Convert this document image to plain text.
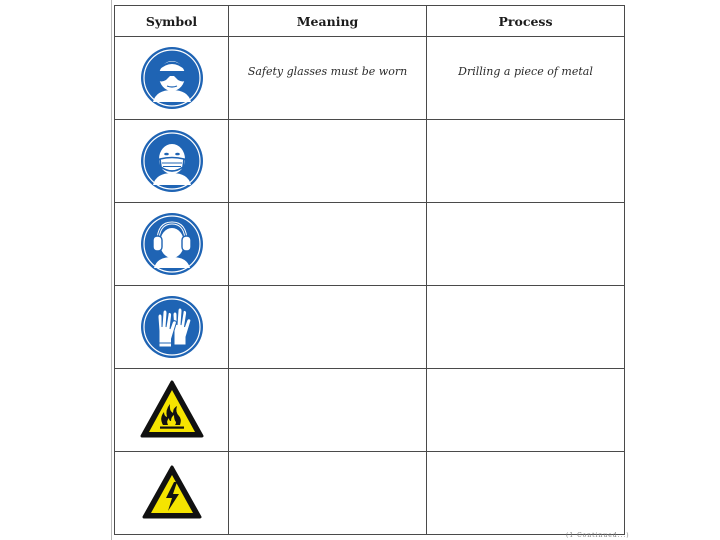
Symbol	Meaning	Process

	Safety glasses must be worn	Drilling a piece of metal

(1 Continued...)
